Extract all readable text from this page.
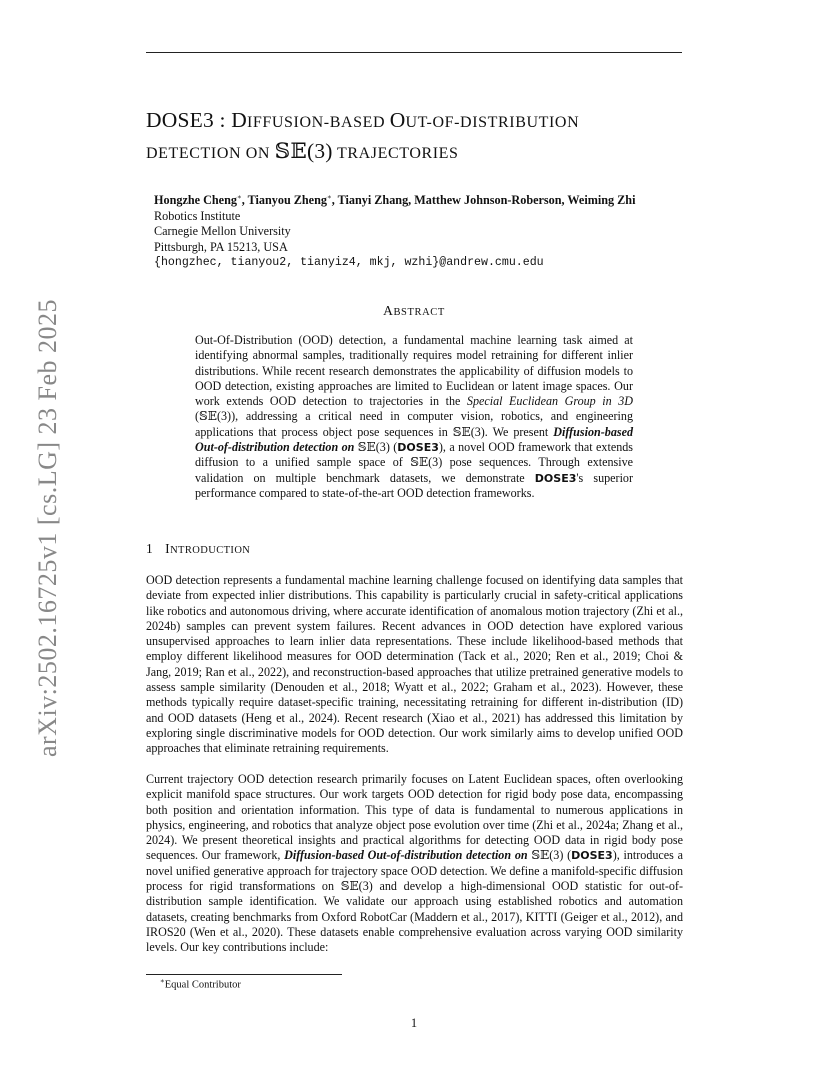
arXiv:2502.16725v1 [cs.LG] 23 Feb 2025
DOSE3 : DIFFUSION-BASED OUT-OF-DISTRIBUTION
DETECTION ON 𝕊𝔼(3) TRAJECTORIES
Hongzhe Cheng∗, Tianyou Zheng∗, Tianyi Zhang, Matthew Johnson-Roberson, Weiming Zhi
Robotics Institute
Carnegie Mellon University
Pittsburgh, PA 15213, USA
{hongzhec, tianyou2, tianyiz4, mkj, wzhi}@andrew.cmu.edu
ABSTRACT
Out-Of-Distribution (OOD) detection, a fundamental machine learning task aimed at identifying abnormal samples, traditionally requires model retraining for different inlier distributions. While recent research demonstrates the applicability of diffusion models to OOD detection, existing approaches are limited to Euclidean or latent image spaces. Our work extends OOD detection to trajectories in the Special Euclidean Group in 3D (𝕊𝔼(3)), addressing a critical need in computer vision, robotics, and engineering applications that process object pose sequences in 𝕊𝔼(3). We present Diffusion-based Out-of-distribution detection on 𝕊𝔼(3) (DOSE3), a novel OOD framework that extends diffusion to a unified sample space of 𝕊𝔼(3) pose sequences. Through extensive validation on multiple benchmark datasets, we demonstrate DOSE3's superior performance compared to state-of-the-art OOD detection frameworks.
1 INTRODUCTION
OOD detection represents a fundamental machine learning challenge focused on identifying data samples that deviate from expected inlier distributions. This capability is particularly crucial in safety-critical applications like robotics and autonomous driving, where accurate identification of anomalous motion trajectory (Zhi et al., 2024b) samples can prevent system failures. Recent advances in OOD detection have explored various unsupervised approaches to learn inlier data representations. These include likelihood-based methods that employ different likelihood measures for OOD determination (Tack et al., 2020; Ren et al., 2019; Choi & Jang, 2019; Ran et al., 2022), and reconstruction-based approaches that utilize pretrained generative models to assess sample similarity (Denouden et al., 2018; Wyatt et al., 2022; Graham et al., 2023). However, these methods typically require dataset-specific training, necessitating retraining for different in-distribution (ID) and OOD datasets (Heng et al., 2024). Recent research (Xiao et al., 2021) has addressed this limitation by exploring single discriminative models for OOD detection. Our work similarly aims to develop unified OOD approaches that eliminate retraining requirements.
Current trajectory OOD detection research primarily focuses on Latent Euclidean spaces, often overlooking explicit manifold space structures. Our work targets OOD detection for rigid body pose data, encompassing both position and orientation information. This type of data is fundamental to numerous applications in physics, engineering, and robotics that analyze object pose evolution over time (Zhi et al., 2024a; Zhang et al., 2024). We present theoretical insights and practical algorithms for detecting OOD data in rigid body pose sequences. Our framework, Diffusion-based Out-of-distribution detection on 𝕊𝔼(3) (DOSE3), introduces a novel unified generative approach for trajectory space OOD detection. We define a manifold-specific diffusion process for rigid transformations on 𝕊𝔼(3) and develop a high-dimensional OOD statistic for out-of-distribution sample identification. We validate our approach using established robotics and automation datasets, creating benchmarks from Oxford RobotCar (Maddern et al., 2017), KITTI (Geiger et al., 2012), and IROS20 (Wen et al., 2020). These datasets enable comprehensive evaluation across varying OOD similarity levels. Our key contributions include:
∗Equal Contributor
1
